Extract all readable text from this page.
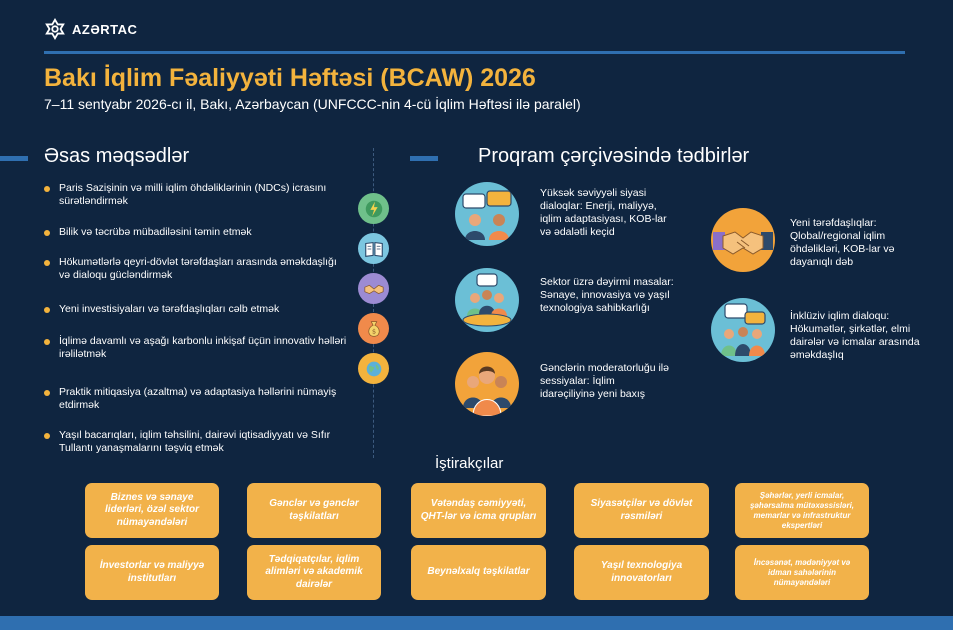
AZƏRTAC
Bakı İqlim Fəaliyyəti Həftəsi (BCAW) 2026
7–11 sentyabr 2026-cı il, Bakı, Azərbaycan (UNFCCC-nin 4-cü İqlim Həftəsi ilə paralel)
Əsas məqsədlər
Paris Sazişinin və milli iqlim öhdəliklərinin (NDCs) icrasını sürətləndirmək
Bilik və təcrübə mübadiləsini təmin etmək
Hökumətlərlə qeyri-dövlət tərəfdaşları arasında əməkdaşlığı və dialoqu gücləndirmək
Yeni investisiyaları və tərəfdaşlıqları cəlb etmək
İqlimə davamlı və aşağı karbonlu inkişaf üçün innovativ həlləri irəlilətmək
Praktik mitiqasiya (azaltma) və adaptasiya həllərini nümayiş etdirmək
Yaşıl bacarıqları, iqlim təhsilini, dairəvi iqtisadiyyatı və Sıfır Tullantı yanaşmalarını təşviq etmək
$
Proqram çərçivəsində tədbirlər
Yüksək səviyyəli siyasi dialoqlar: Enerji, maliyyə, iqlim adaptasiyası, KOB-lar və ədalətli keçid
Sektor üzrə dəyirmi masalar: Sənaye, innovasiya və yaşıl texnologiya sahibkarlığı
Gənclərin moderatorluğu ilə sessiyalar: İqlim idarəçiliyinə yeni baxış
Yeni tərəfdaşlıqlar: Qlobal/regional iqlim öhdəlikləri, KOB-lar və dayanıqlı dəb
İnklüziv iqlim dialoqu: Hökumətlər, şirkətlər, elmi dairələr və icmalar arasında əməkdaşlıq
İştirakçılar
Biznes və sənaye liderləri, özəl sektor nümayəndələri
Gənclər və gənclər təşkilatları
Vətəndaş cəmiyyəti, QHT-lər və icma qrupları
Siyasətçilər və dövlət rəsmiləri
Şəhərlər, yerli icmalar, şəhərsalma mütəxəssisləri, memarlar və infrastruktur ekspertləri
İnvestorlar və maliyyə institutları
Tədqiqatçılar, iqlim alimləri və akademik dairələr
Beynəlxalq təşkilatlar
Yaşıl texnologiya innovatorları
İncəsənət, mədəniyyət və idman sahələrinin nümayəndələri
